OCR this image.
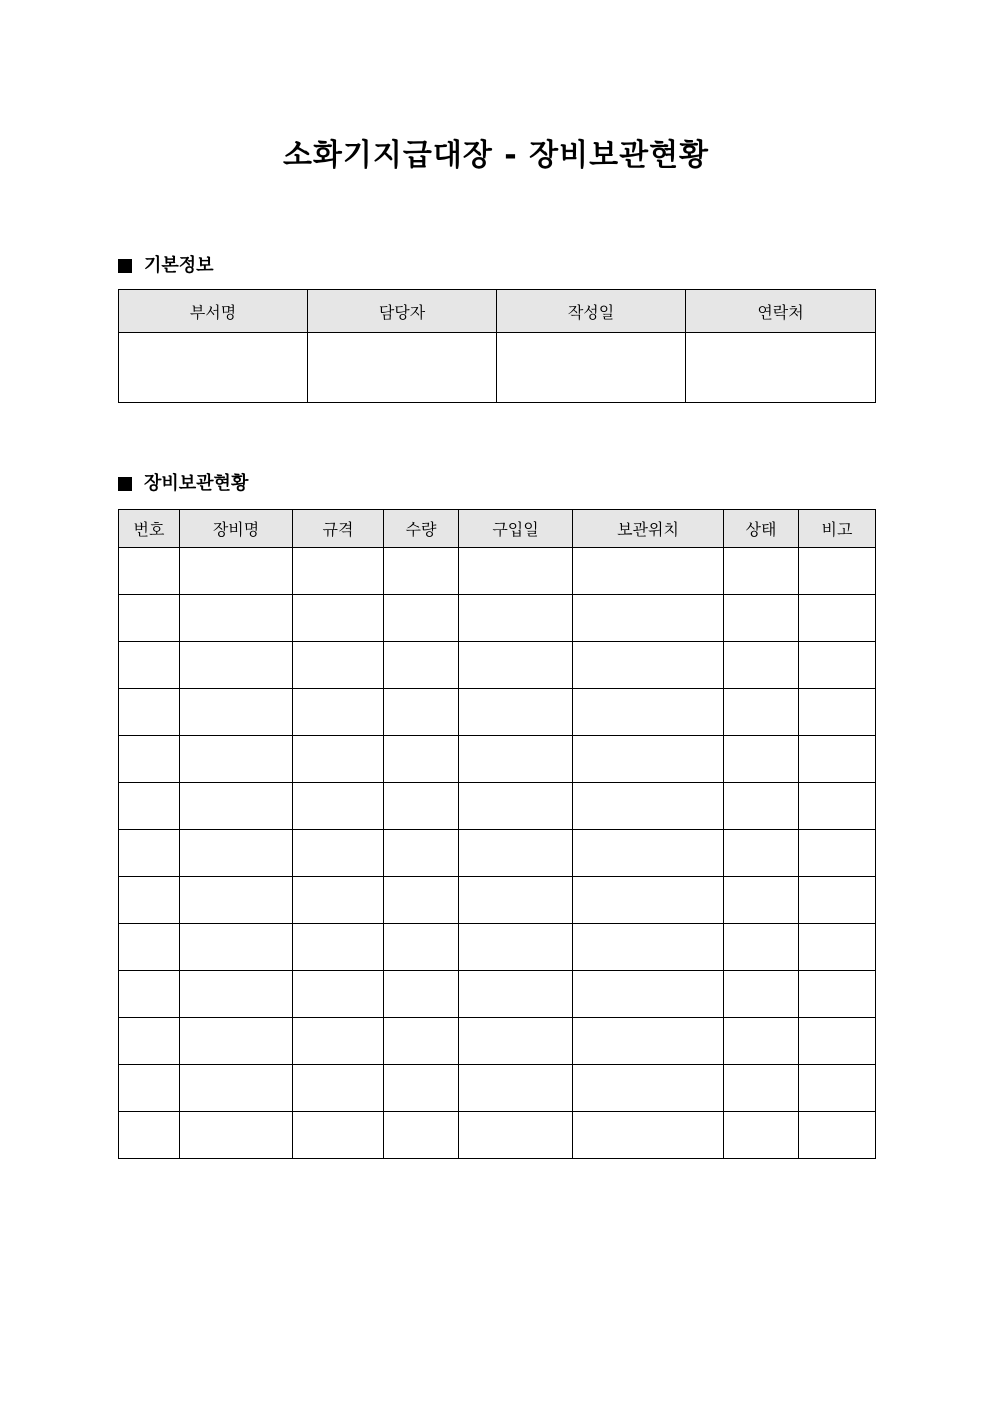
소화기지급대장 - 장비보관현황
기본정보
부서명	담당자	작성일	연락처

장비보관현황
번호	장비명	규격	수량	구입일	보관위치	상태	비고
